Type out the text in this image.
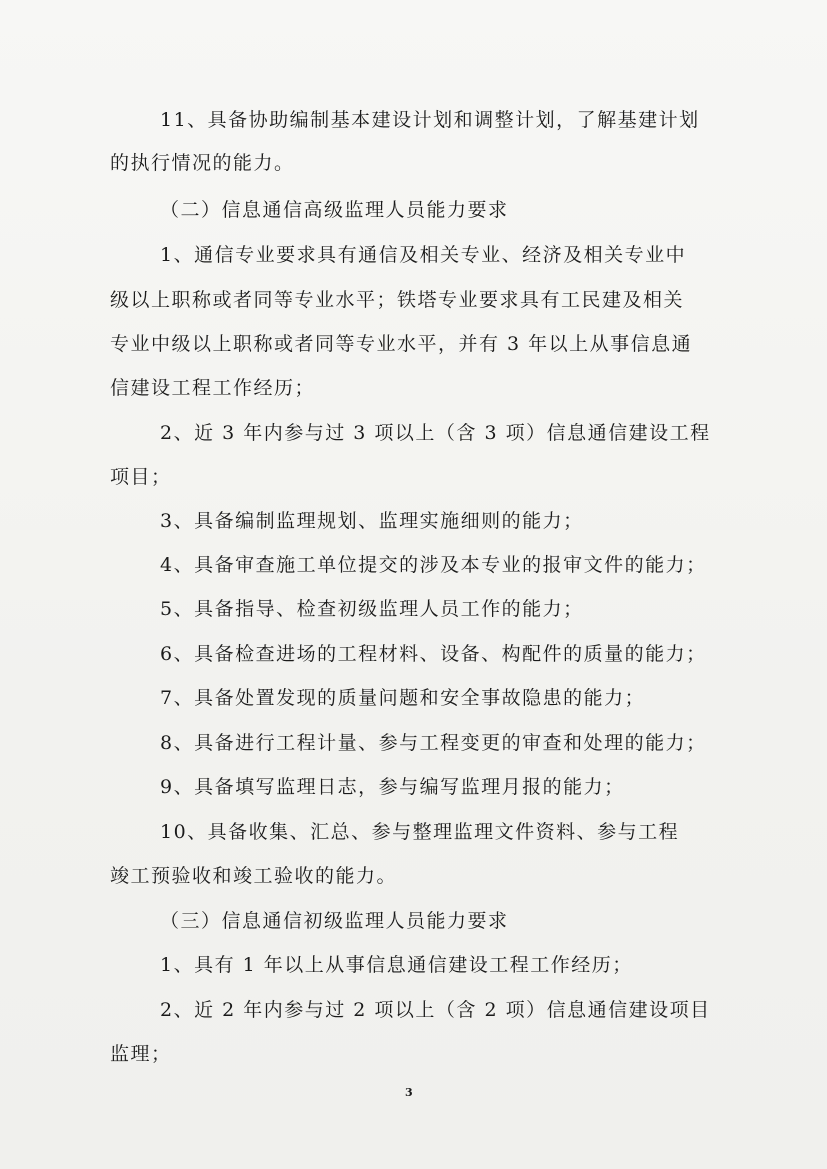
11、具备协助编制基本建设计划和调整计划，了解基建计划
的执行情况的能力。
（二）信息通信高级监理人员能力要求
1、通信专业要求具有通信及相关专业、经济及相关专业中
级以上职称或者同等专业水平；铁塔专业要求具有工民建及相关
专业中级以上职称或者同等专业水平，并有 3 年以上从事信息通
信建设工程工作经历；
2、近 3 年内参与过 3 项以上（含 3 项）信息通信建设工程
项目；
3、具备编制监理规划、监理实施细则的能力；
4、具备审查施工单位提交的涉及本专业的报审文件的能力；
5、具备指导、检查初级监理人员工作的能力；
6、具备检查进场的工程材料、设备、构配件的质量的能力；
7、具备处置发现的质量问题和安全事故隐患的能力；
8、具备进行工程计量、参与工程变更的审查和处理的能力；
9、具备填写监理日志，参与编写监理月报的能力；
10、具备收集、汇总、参与整理监理文件资料、参与工程
竣工预验收和竣工验收的能力。
（三）信息通信初级监理人员能力要求
1、具有 1 年以上从事信息通信建设工程工作经历；
2、近 2 年内参与过 2 项以上（含 2 项）信息通信建设项目
监理；
3
